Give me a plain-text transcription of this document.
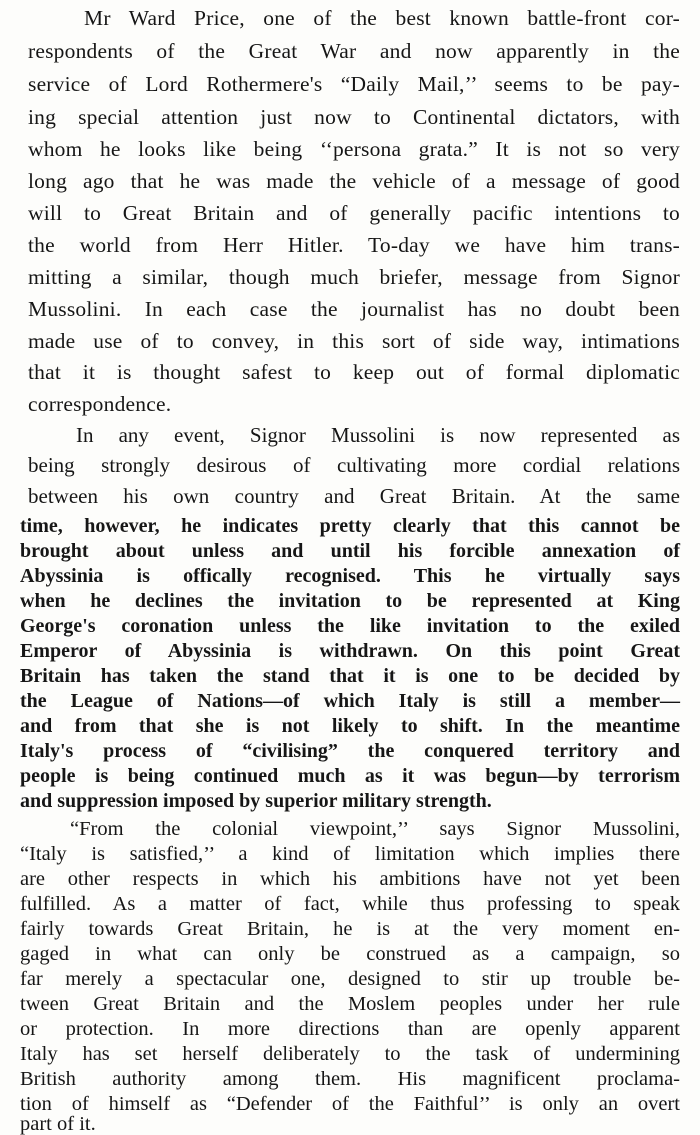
Mr Ward Price, one of the best known battle-front cor-
respondents of the Great War and now apparently in the
service of Lord Rothermere's “Daily Mail,’’ seems to be pay-
ing special attention just now to Continental dictators, with
whom he looks like being ‘‘persona grata.” It is not so very
long ago that he was made the vehicle of a message of good
will to Great Britain and of generally pacific intentions to
the world from Herr Hitler. To-day we have him trans-
mitting a similar, though much briefer, message from Signor
Mussolini. In each case the journalist has no doubt been
made use of to convey, in this sort of side way, intimations
that it is thought safest to keep out of formal diplomatic
correspondence.
In any event, Signor Mussolini is now represented as
being strongly desirous of cultivating more cordial relations
between his own country and Great Britain. At the same
time, however, he indicates pretty clearly that this cannot be
brought about unless and until his forcible annexation of
Abyssinia is offically recognised. This he virtually says
when he declines the invitation to be represented at King
George's coronation unless the like invitation to the exiled
Emperor of Abyssinia is withdrawn. On this point Great
Britain has taken the stand that it is one to be decided by
the League of Nations—of which Italy is still a member—
and from that she is not likely to shift. In the meantime
Italy's process of “civilising” the conquered territory and
people is being continued much as it was begun—by terrorism
and suppression imposed by superior military strength.
“From the colonial viewpoint,’’ says Signor Mussolini,
“Italy is satisfied,’’ a kind of limitation which implies there
are other respects in which his ambitions have not yet been
fulfilled. As a matter of fact, while thus professing to speak
fairly towards Great Britain, he is at the very moment en-
gaged in what can only be construed as a campaign, so
far merely a spectacular one, designed to stir up trouble be-
tween Great Britain and the Moslem peoples under her rule
or protection. In more directions than are openly apparent
Italy has set herself deliberately to the task of undermining
British authority among them. His magnificent proclama-
tion of himself as “Defender of the Faithful’’ is only an overt
part of it.
